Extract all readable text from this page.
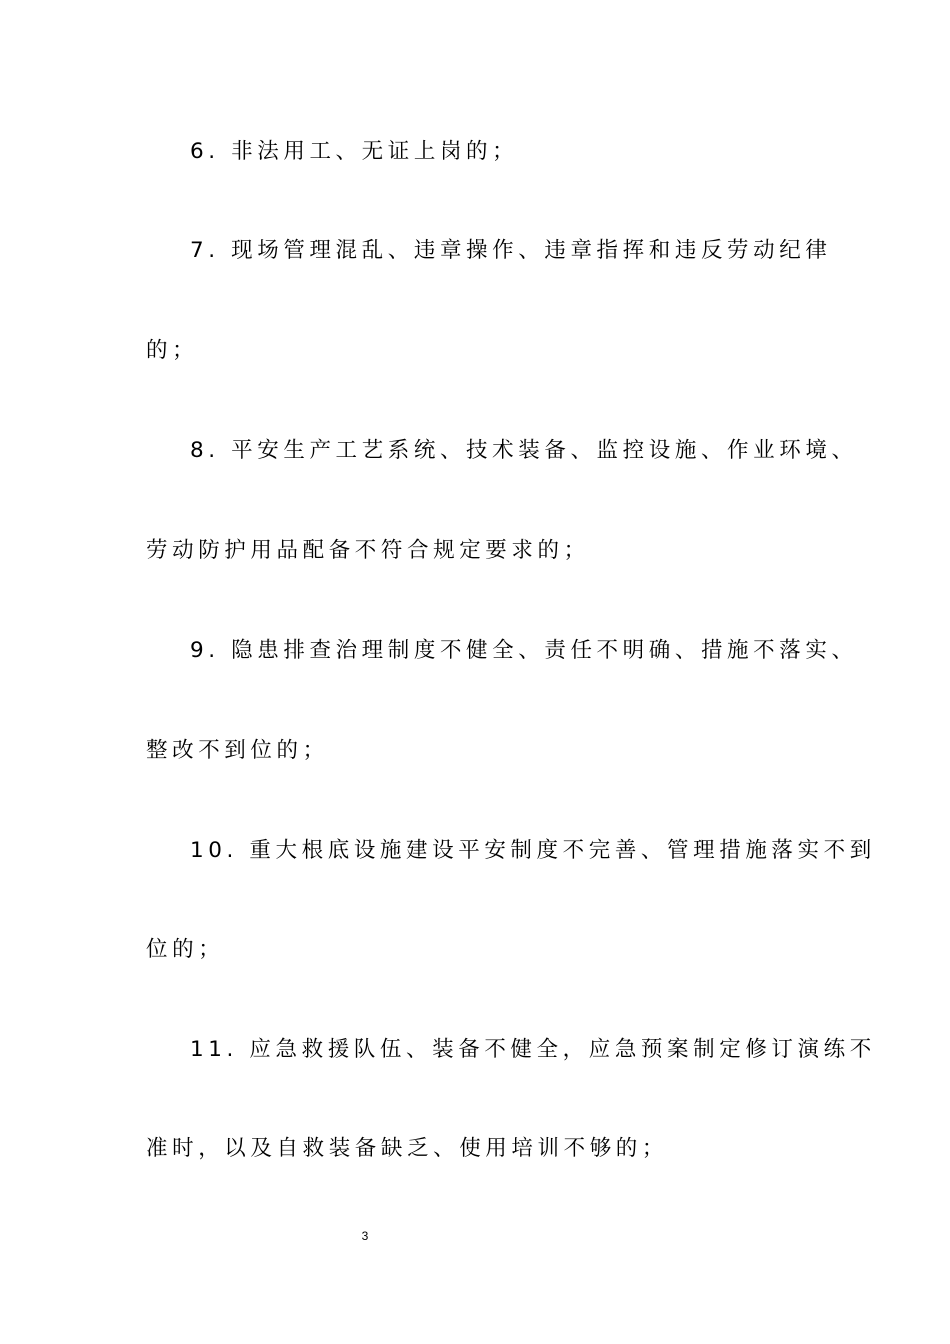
6. 非法用工、无证上岗的；
7. 现场管理混乱、违章操作、违章指挥和违反劳动纪律
的；
8. 平安生产工艺系统、技术装备、监控设施、作业环境、
劳动防护用品配备不符合规定要求的；
9. 隐患排查治理制度不健全、责任不明确、措施不落实、
整改不到位的；
10. 重大根底设施建设平安制度不完善、管理措施落实不到
位的；
11. 应急救援队伍、装备不健全，应急预案制定修订演练不
准时，以及自救装备缺乏、使用培训不够的；
3
